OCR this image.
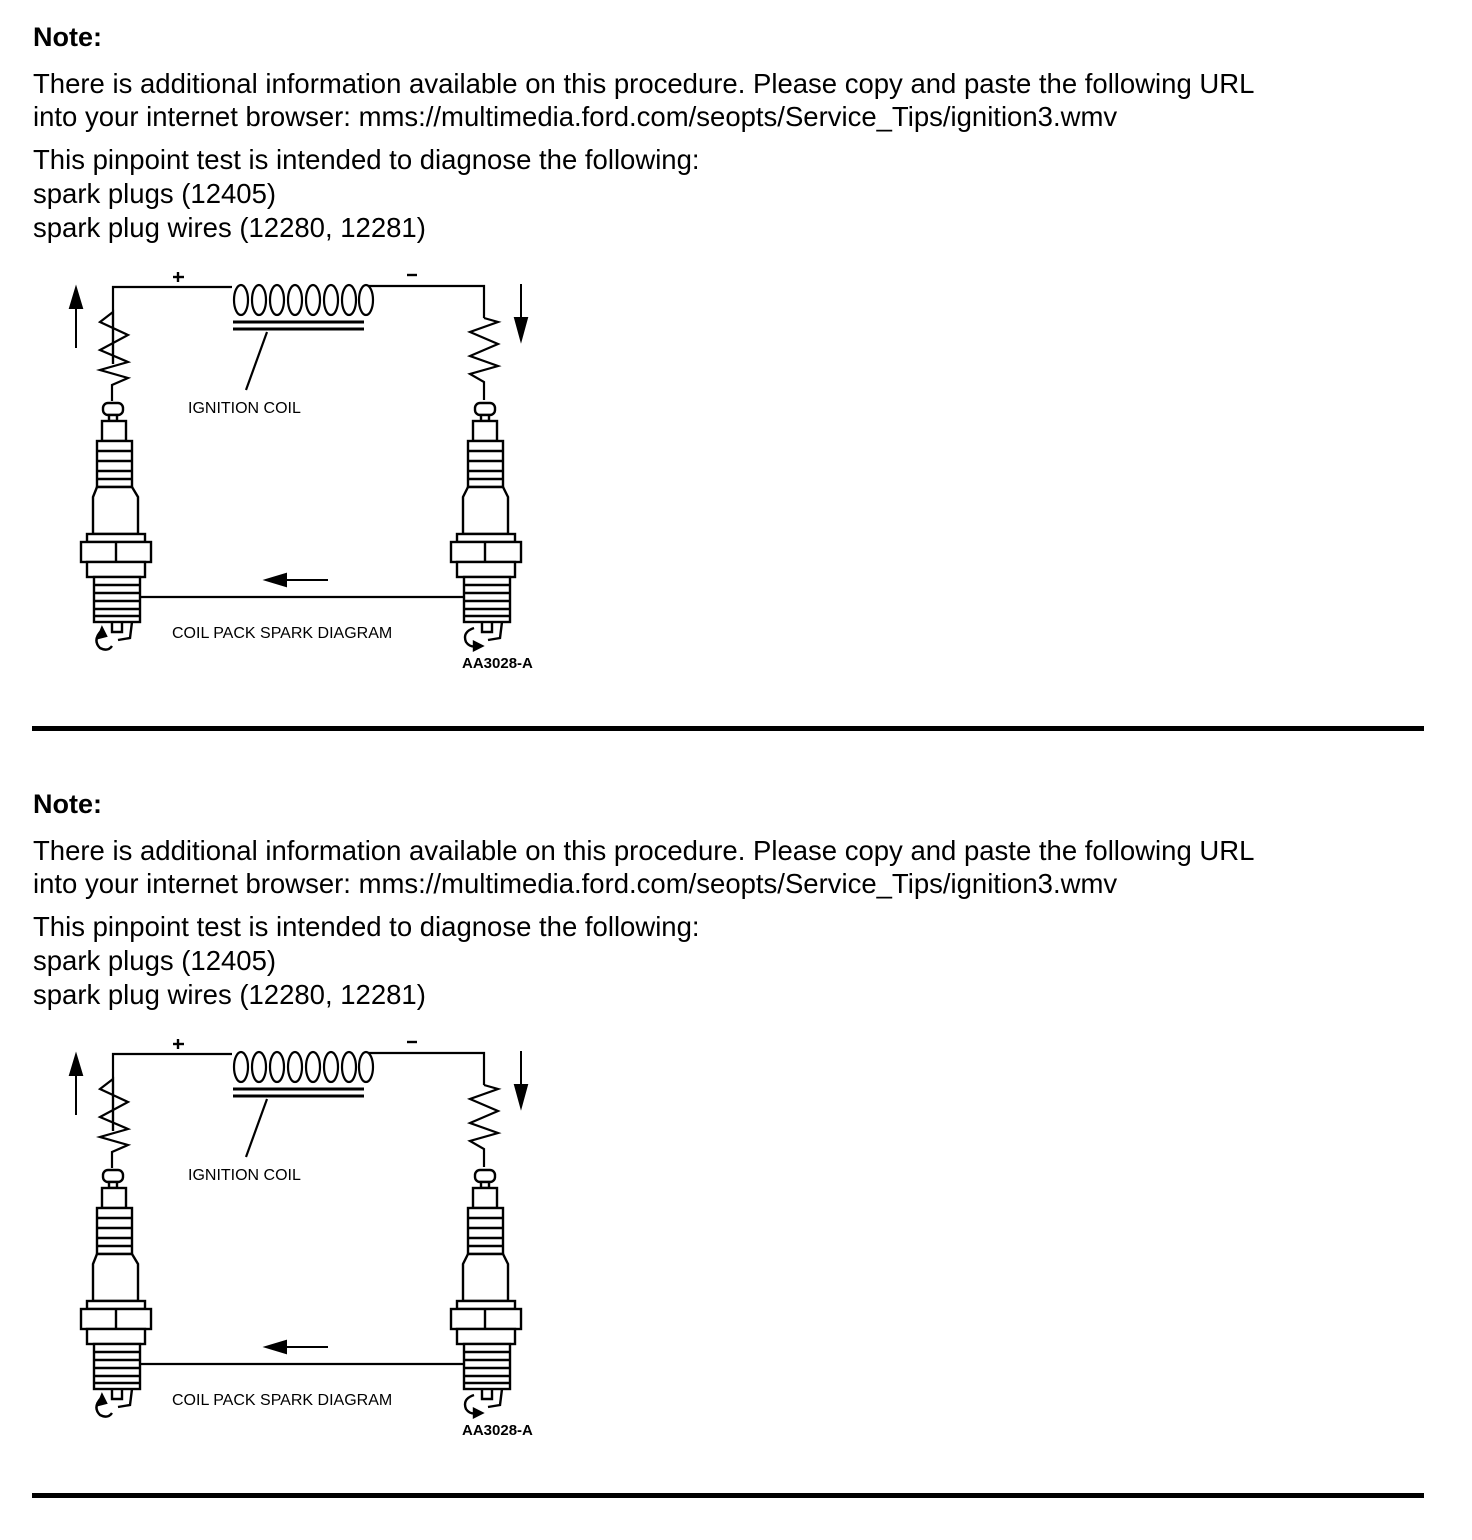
Note:
There is additional information available on this procedure. Please copy and paste the following URL
into your internet browser: mms://multimedia.ford.com/seopts/Service_Tips/ignition3.wmv
This pinpoint test is intended to diagnose the following:
spark plugs (12405)
spark plug wires (12280, 12281)
IGNITION COIL
COIL PACK SPARK DIAGRAM
AA3028-A
Note:
There is additional information available on this procedure. Please copy and paste the following URL
into your internet browser: mms://multimedia.ford.com/seopts/Service_Tips/ignition3.wmv
This pinpoint test is intended to diagnose the following:
spark plugs (12405)
spark plug wires (12280, 12281)
IGNITION COIL
COIL PACK SPARK DIAGRAM
AA3028-A
